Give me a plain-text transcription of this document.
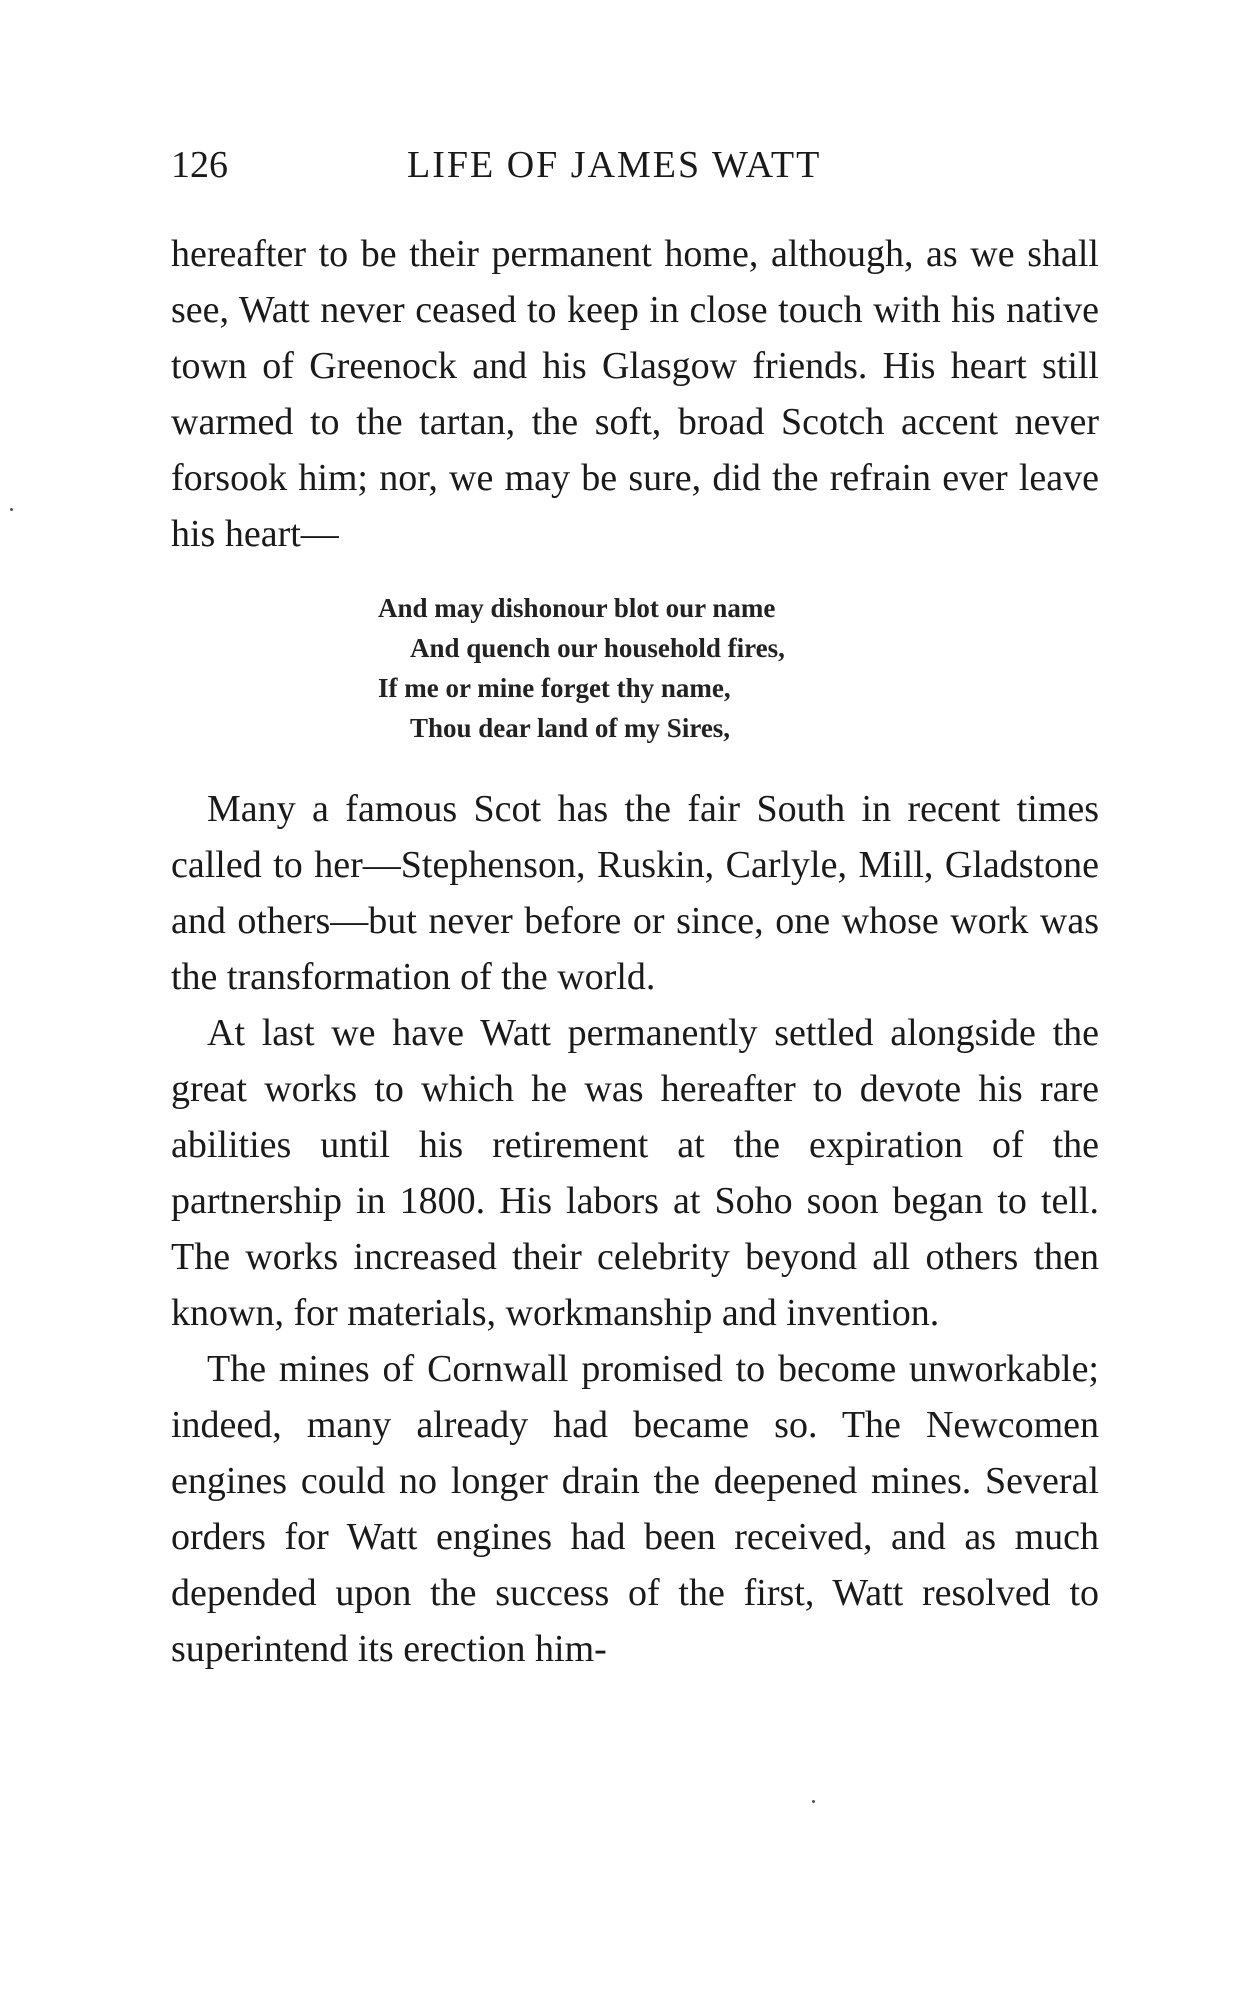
126	LIFE OF JAMES WATT

hereafter to be their permanent home, although, as we shall see, Watt never ceased to keep in close touch with his native town of Greenock and his Glasgow friends. His heart still warmed to the tartan, the soft, broad Scotch accent never forsook him; nor, we may be sure, did the refrain ever leave his heart—

And may dishonour blot our name
And quench our household fires,
If me or mine forget thy name,
Thou dear land of my Sires,

Many a famous Scot has the fair South in recent times called to her—Stephenson, Ruskin, Carlyle, Mill, Gladstone and others—but never before or since, one whose work was the transformation of the world.

At last we have Watt permanently settled alongside the great works to which he was hereafter to devote his rare abilities until his retirement at the expiration of the partnership in 1800. His labors at Soho soon began to tell. The works increased their celebrity beyond all others then known, for materials, workmanship and invention.

The mines of Cornwall promised to become unworkable; indeed, many already had became so. The Newcomen engines could no longer drain the deepened mines. Several orders for Watt engines had been received, and as much depended upon the success of the first, Watt resolved to superintend its erection him-
